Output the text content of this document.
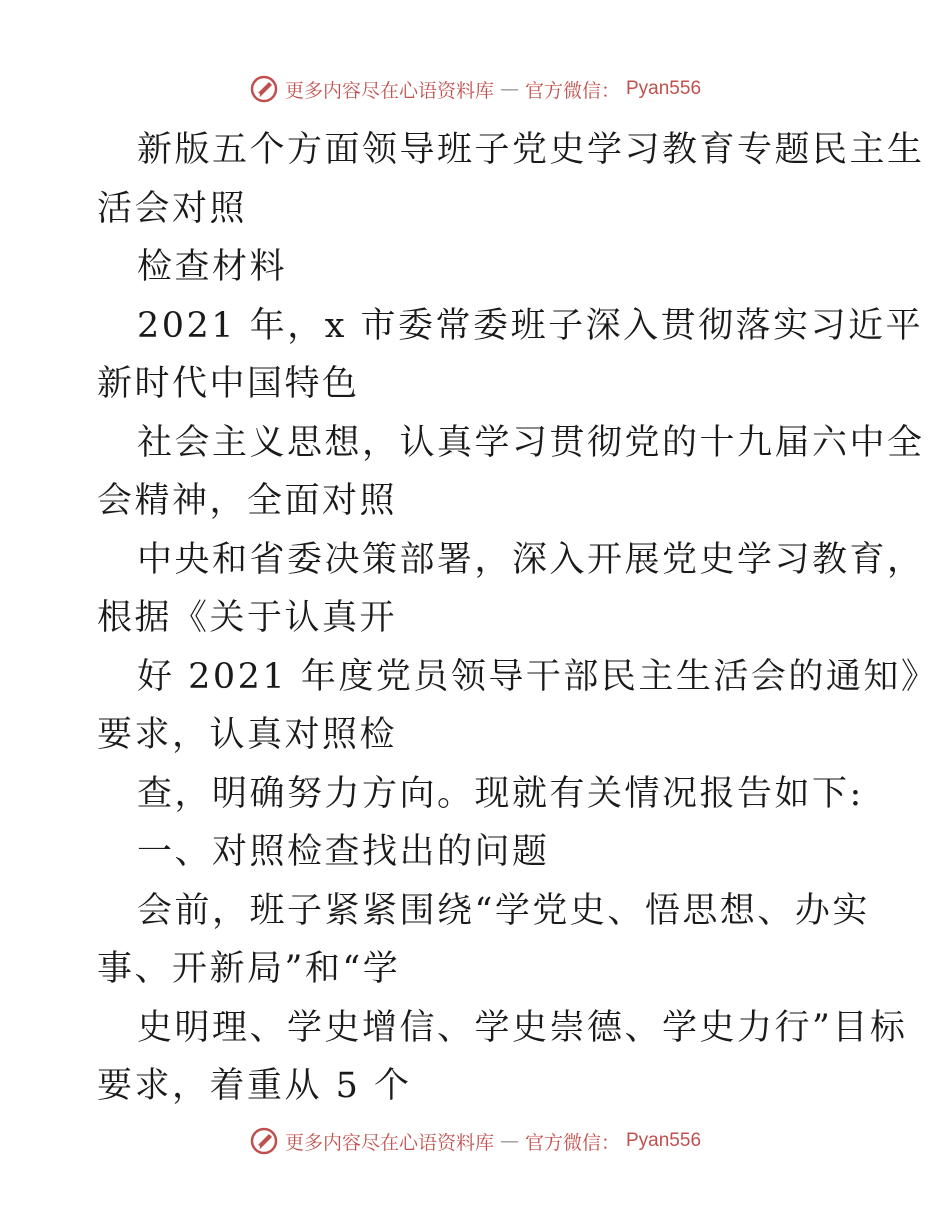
更多内容尽在心语资料库 — 官方微信： Pyan556

新版五个方面领导班子党史学习教育专题民主生
活会对照
检查材料
2021 年，x 市委常委班子深入贯彻落实习近平
新时代中国特色
社会主义思想，认真学习贯彻党的十九届六中全
会精神，全面对照
中央和省委决策部署，深入开展党史学习教育，
根据《关于认真开
好 2021 年度党员领导干部民主生活会的通知》
要求，认真对照检
查，明确努力方向。现就有关情况报告如下:
一、对照检查找出的问题
会前，班子紧紧围绕“学党史、悟思想、办实
事、开新局”和“学
史明理、学史增信、学史崇德、学史力行”目标
要求，着重从 5 个

更多内容尽在心语资料库 — 官方微信： Pyan556
